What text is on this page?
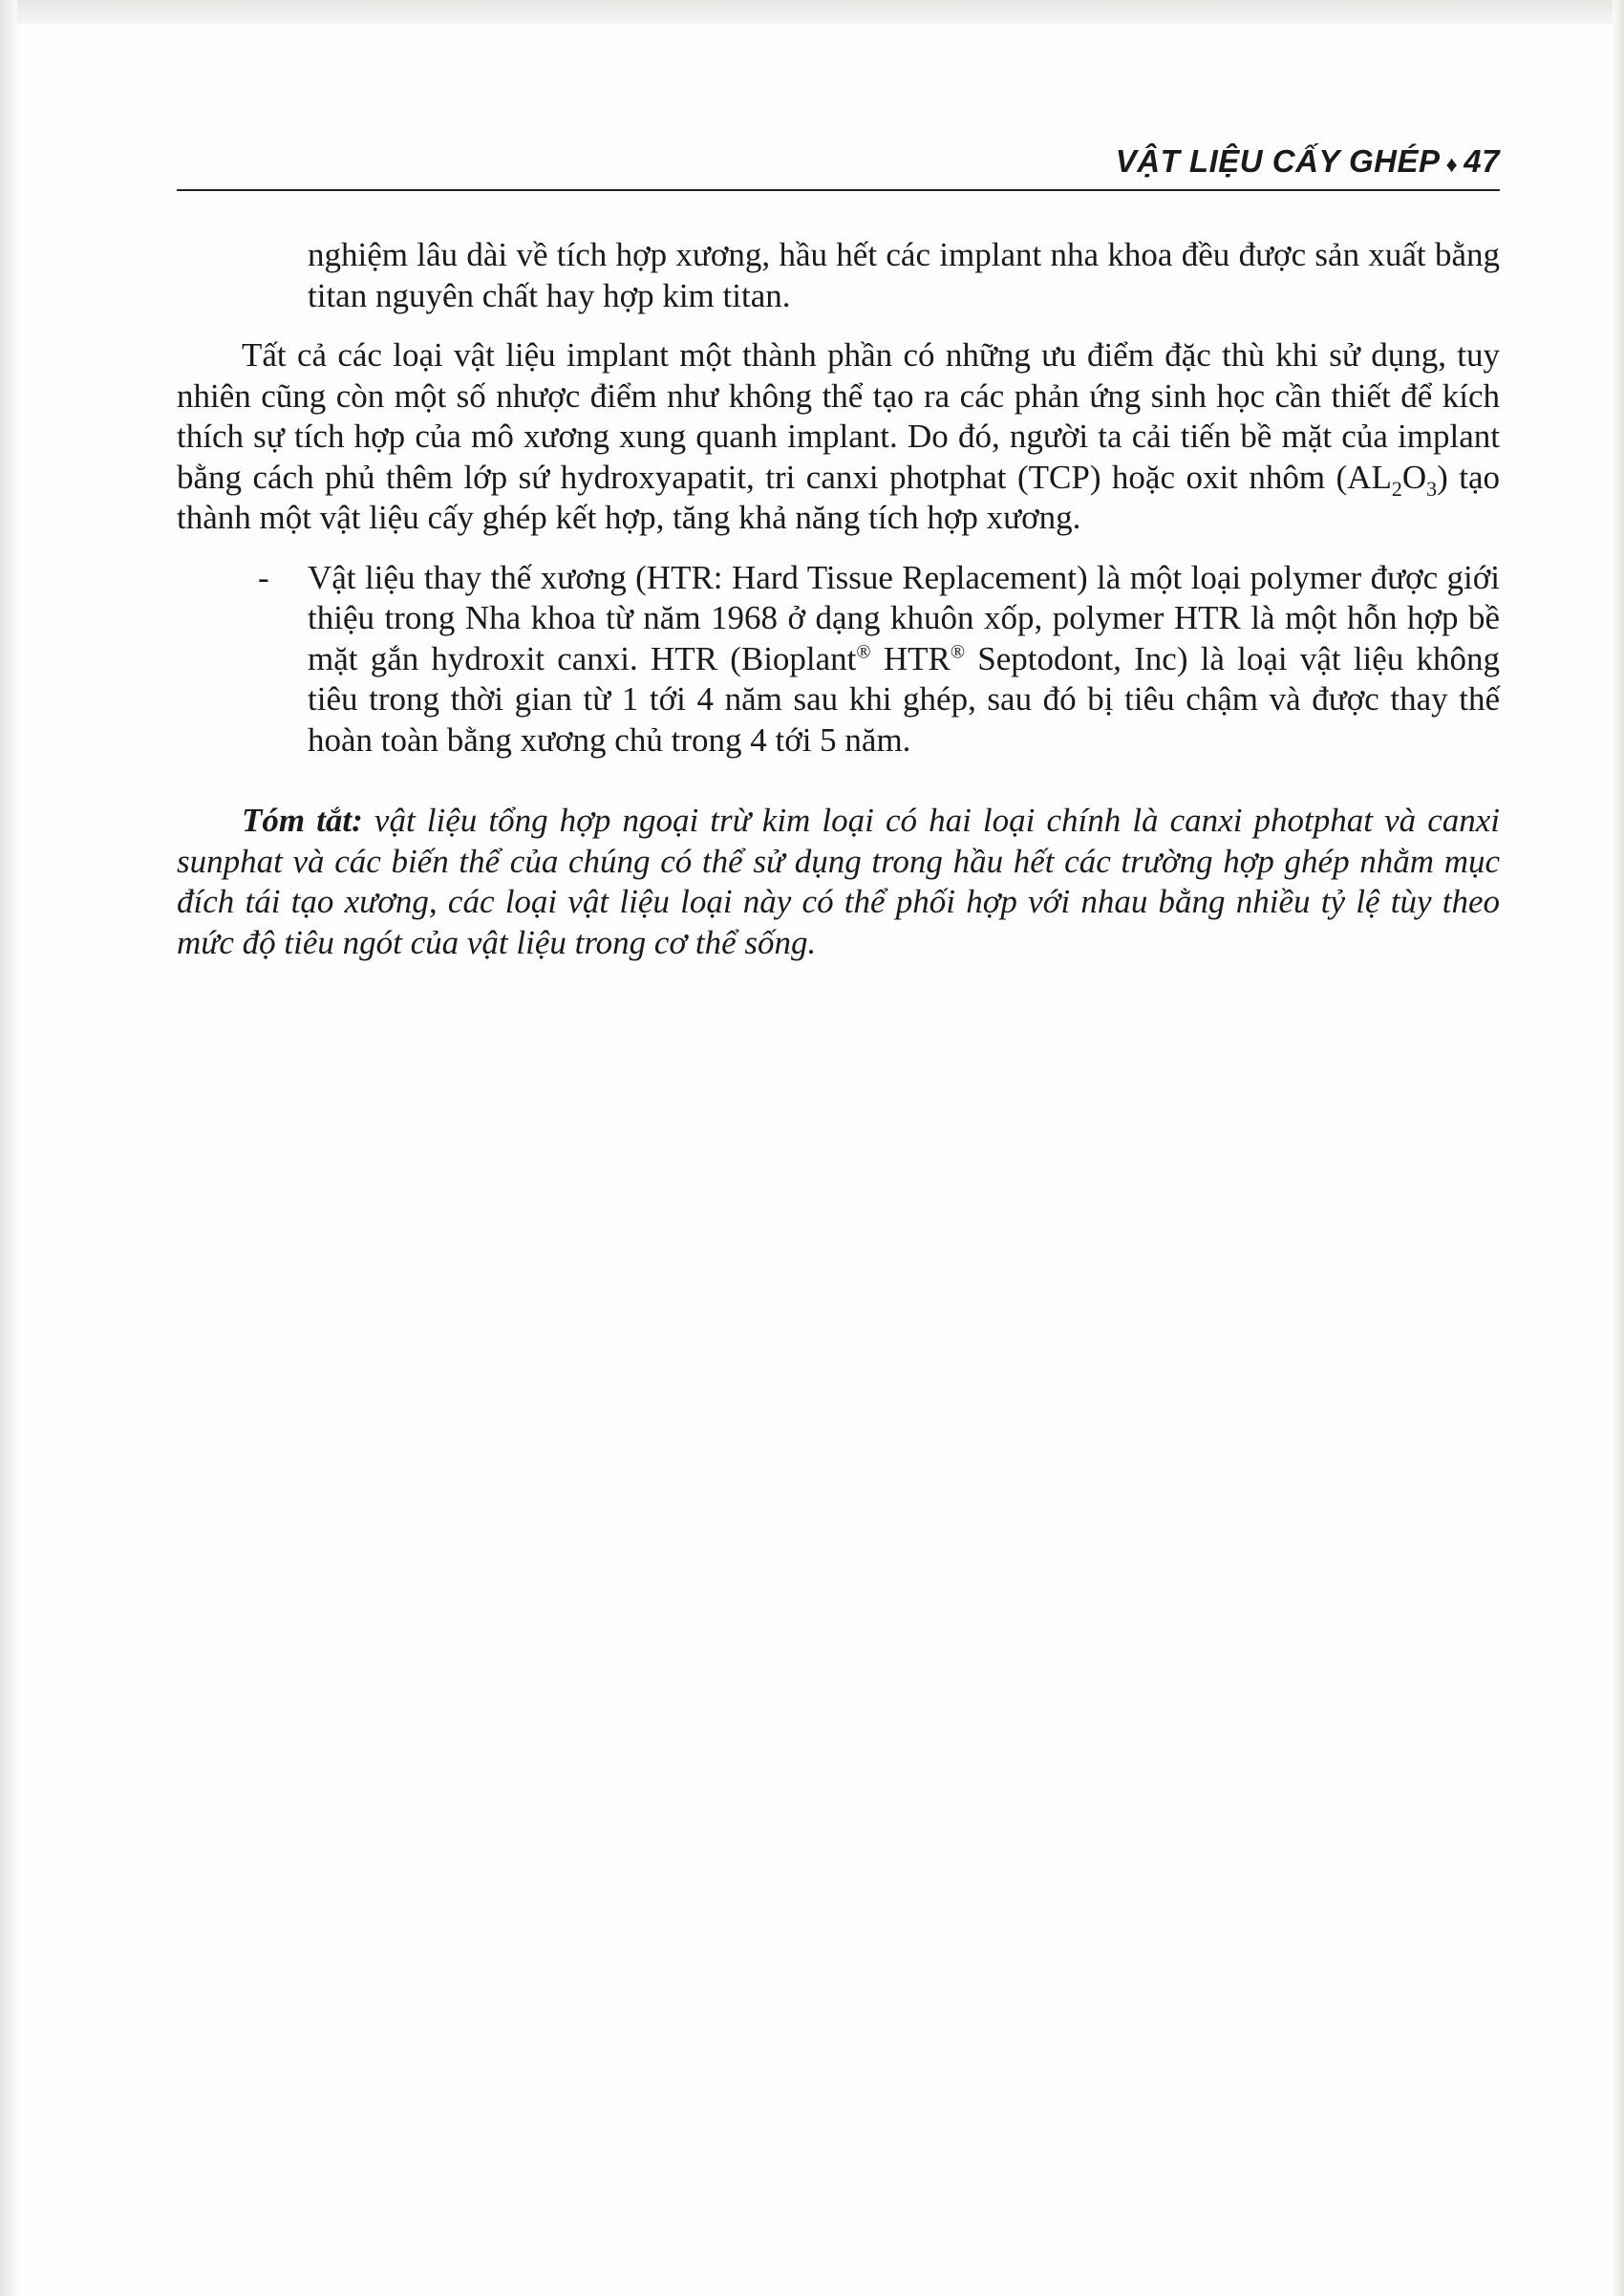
VẬT LIỆU CẤY GHÉP ♦ 47

nghiệm lâu dài về tích hợp xương, hầu hết các implant nha khoa đều được sản xuất bằng titan nguyên chất hay hợp kim titan.

Tất cả các loại vật liệu implant một thành phần có những ưu điểm đặc thù khi sử dụng, tuy nhiên cũng còn một số nhược điểm như không thể tạo ra các phản ứng sinh học cần thiết để kích thích sự tích hợp của mô xương xung quanh implant. Do đó, người ta cải tiến bề mặt của implant bằng cách phủ thêm lớp sứ hydroxyapatit, tri canxi photphat (TCP) hoặc oxit nhôm $(AL_2O_3)$ tạo thành một vật liệu cấy ghép kết hợp, tăng khả năng tích hợp xương.

- Vật liệu thay thế xương (HTR: Hard Tissue Replacement) là một loại polymer được giới thiệu trong Nha khoa từ năm 1968 ở dạng khuôn xốp, polymer HTR là một hỗn hợp bề mặt gắn hydroxit canxi. HTR (Bioplant® HTR® Septodont, Inc) là loại vật liệu không tiêu trong thời gian từ 1 tới 4 năm sau khi ghép, sau đó bị tiêu chậm và được thay thế hoàn toàn bằng xương chủ trong 4 tới 5 năm.

Tóm tắt: vật liệu tổng hợp ngoại trừ kim loại có hai loại chính là canxi photphat và canxi sunphat và các biến thể của chúng có thể sử dụng trong hầu hết các trường hợp ghép nhằm mục đích tái tạo xương, các loại vật liệu loại này có thể phối hợp với nhau bằng nhiều tỷ lệ tùy theo mức độ tiêu ngót của vật liệu trong cơ thể sống.
